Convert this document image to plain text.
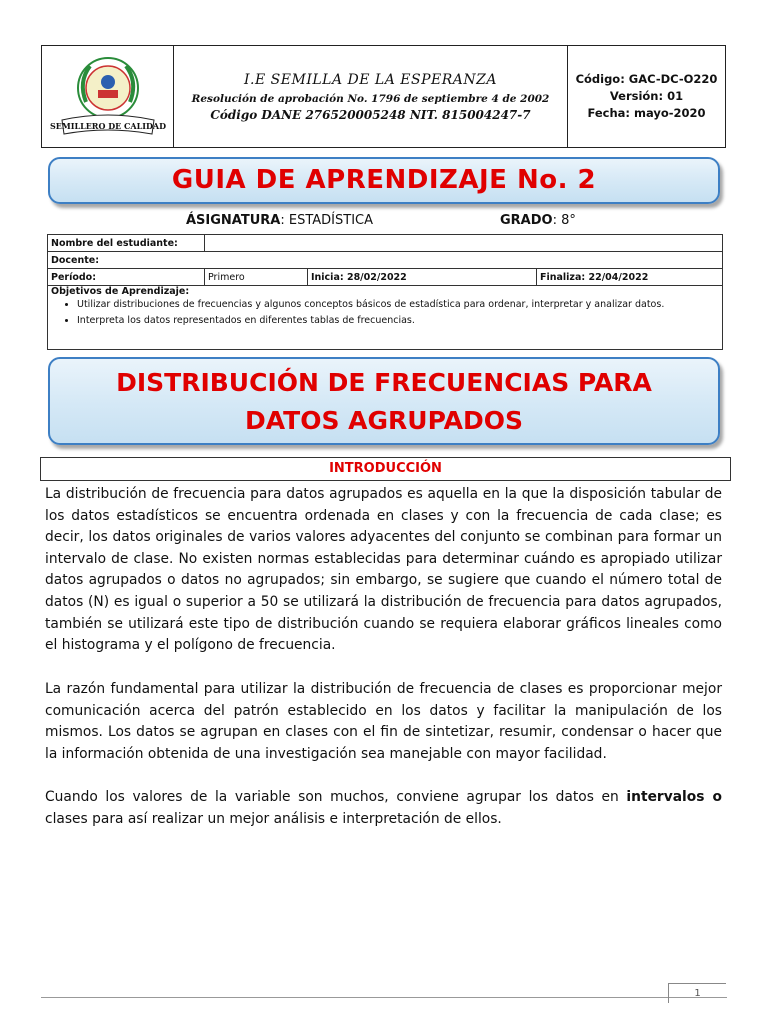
SEMILLERO DE CALIDAD
I.E SEMILLA DE LA ESPERANZA
Resolución de aprobación No. 1796 de septiembre 4 de 2002
Código DANE 276520005248 NIT. 815004247-7
Código: GAC-DC-O220
Versión: 01
Fecha: mayo-2020
GUIA DE APRENDIZAJE No. 2
ÁSIGNATURA: ESTADÍSTICA	GRADO: 8°
Nombre del estudiante:			
Docente:			
Período:	Primero	Inicia: 28/02/2022	Finaliza: 22/04/2022
Objetivos de Aprendizaje:
• Utilizar distribuciones de frecuencias y algunos conceptos básicos de estadística para ordenar, interpretar y analizar datos.
• Interpreta los datos representados en diferentes tablas de frecuencias.
DISTRIBUCIÓN DE FRECUENCIAS PARA
DATOS AGRUPADOS
INTRODUCCIÓN
La distribución de frecuencia para datos agrupados es aquella en la que la disposición tabular de los datos estadísticos se encuentra ordenada en clases y con la frecuencia de cada clase; es decir, los datos originales de varios valores adyacentes del conjunto se combinan para formar un intervalo de clase. No existen normas establecidas para determinar cuándo es apropiado utilizar datos agrupados o datos no agrupados; sin embargo, se sugiere que cuando el número total de datos (N) es igual o superior a 50 se utilizará la distribución de frecuencia para datos agrupados, también se utilizará este tipo de distribución cuando se requiera elaborar gráficos lineales como el histograma y el polígono de frecuencia.
La razón fundamental para utilizar la distribución de frecuencia de clases es proporcionar mejor comunicación acerca del patrón establecido en los datos y facilitar la manipulación de los mismos. Los datos se agrupan en clases con el fin de sintetizar, resumir, condensar o hacer que la información obtenida de una investigación sea manejable con mayor facilidad.
Cuando los valores de la variable son muchos, conviene agrupar los datos en intervalos o clases para así realizar un mejor análisis e interpretación de ellos.
1
